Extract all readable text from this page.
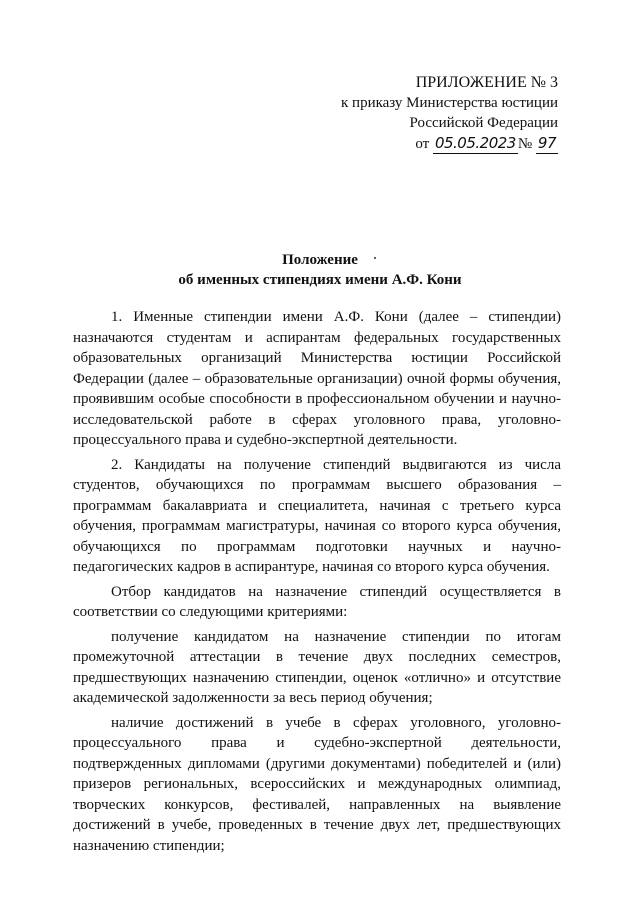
ПРИЛОЖЕНИЕ № 3
к приказу Министерства юстиции
Российской Федерации
от 05.05.2023 № 97
Положение
об именных стипендиях имени А.Ф. Кони

1. Именные стипендии имени А.Ф. Кони (далее – стипендии) назначаются студентам и аспирантам федеральных государственных образовательных организаций Министерства юстиции Российской Федерации (далее – образовательные организации) очной формы обучения, проявившим особые способности в профессиональном обучении и научно-исследовательской работе в сферах уголовного права, уголовно-процессуального права и судебно-экспертной деятельности.

2. Кандидаты на получение стипендий выдвигаются из числа студентов, обучающихся по программам высшего образования – программам бакалавриата и специалитета, начиная с третьего курса обучения, программам магистратуры, начиная со второго курса обучения, обучающихся по программам подготовки научных и научно-педагогических кадров в аспирантуре, начиная со второго курса обучения.

Отбор кандидатов на назначение стипендий осуществляется в соответствии со следующими критериями:

получение кандидатом на назначение стипендии по итогам промежуточной аттестации в течение двух последних семестров, предшествующих назначению стипендии, оценок «отлично» и отсутствие академической задолженности за весь период обучения;

наличие достижений в учебе в сферах уголовного, уголовно-процессуального права и судебно-экспертной деятельности, подтвержденных дипломами (другими документами) победителей и (или) призеров региональных, всероссийских и международных олимпиад, творческих конкурсов, фестивалей, направленных на выявление достижений в учебе, проведенных в течение двух лет, предшествующих назначению стипендии;
